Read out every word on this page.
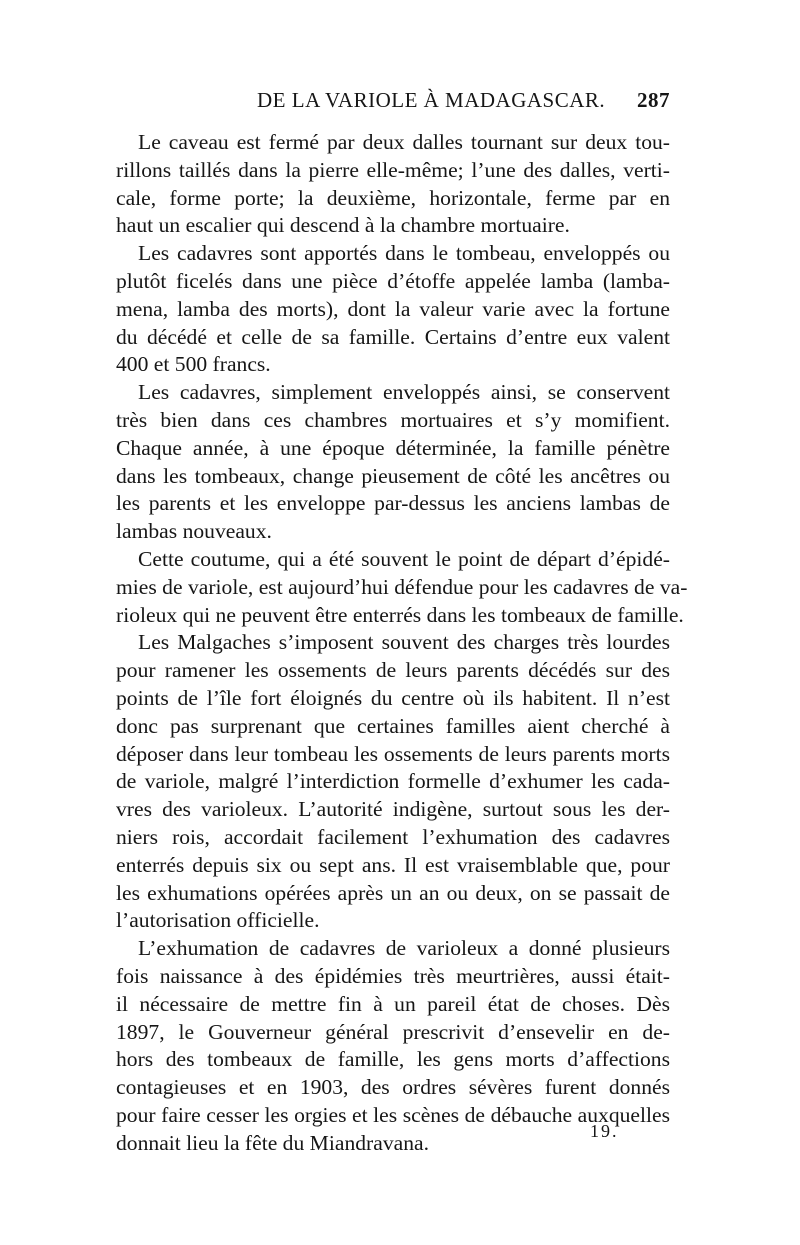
DE LA VARIOLE À MADAGASCAR. 287

Le caveau est fermé par deux dalles tournant sur deux tou-
rillons taillés dans la pierre elle-même; l’une des dalles, verti-
cale, forme porte; la deuxième, horizontale, ferme par en
haut un escalier qui descend à la chambre mortuaire.

Les cadavres sont apportés dans le tombeau, enveloppés ou
plutôt ficelés dans une pièce d’étoffe appelée lamba (lamba-
mena, lamba des morts), dont la valeur varie avec la fortune
du décédé et celle de sa famille. Certains d’entre eux valent
400 et 500 francs.

Les cadavres, simplement enveloppés ainsi, se conservent
très bien dans ces chambres mortuaires et s’y momifient.
Chaque année, à une époque déterminée, la famille pénètre
dans les tombeaux, change pieusement de côté les ancêtres ou
les parents et les enveloppe par-dessus les anciens lambas de
lambas nouveaux.

Cette coutume, qui a été souvent le point de départ d’épidé-
mies de variole, est aujourd’hui défendue pour les cadavres de va-
rioleux qui ne peuvent être enterrés dans les tombeaux de famille.

Les Malgaches s’imposent souvent des charges très lourdes
pour ramener les ossements de leurs parents décédés sur des
points de l’île fort éloignés du centre où ils habitent. Il n’est
donc pas surprenant que certaines familles aient cherché à
déposer dans leur tombeau les ossements de leurs parents morts
de variole, malgré l’interdiction formelle d’exhumer les cada-
vres des varioleux. L’autorité indigène, surtout sous les der-
niers rois, accordait facilement l’exhumation des cadavres
enterrés depuis six ou sept ans. Il est vraisemblable que, pour
les exhumations opérées après un an ou deux, on se passait de
l’autorisation officielle.

L’exhumation de cadavres de varioleux a donné plusieurs
fois naissance à des épidémies très meurtrières, aussi était-
il nécessaire de mettre fin à un pareil état de choses. Dès
1897, le Gouverneur général prescrivit d’ensevelir en de-
hors des tombeaux de famille, les gens morts d’affections
contagieuses et en 1903, des ordres sévères furent donnés
pour faire cesser les orgies et les scènes de débauche auxquelles
donnait lieu la fête du Miandravana.	19.
